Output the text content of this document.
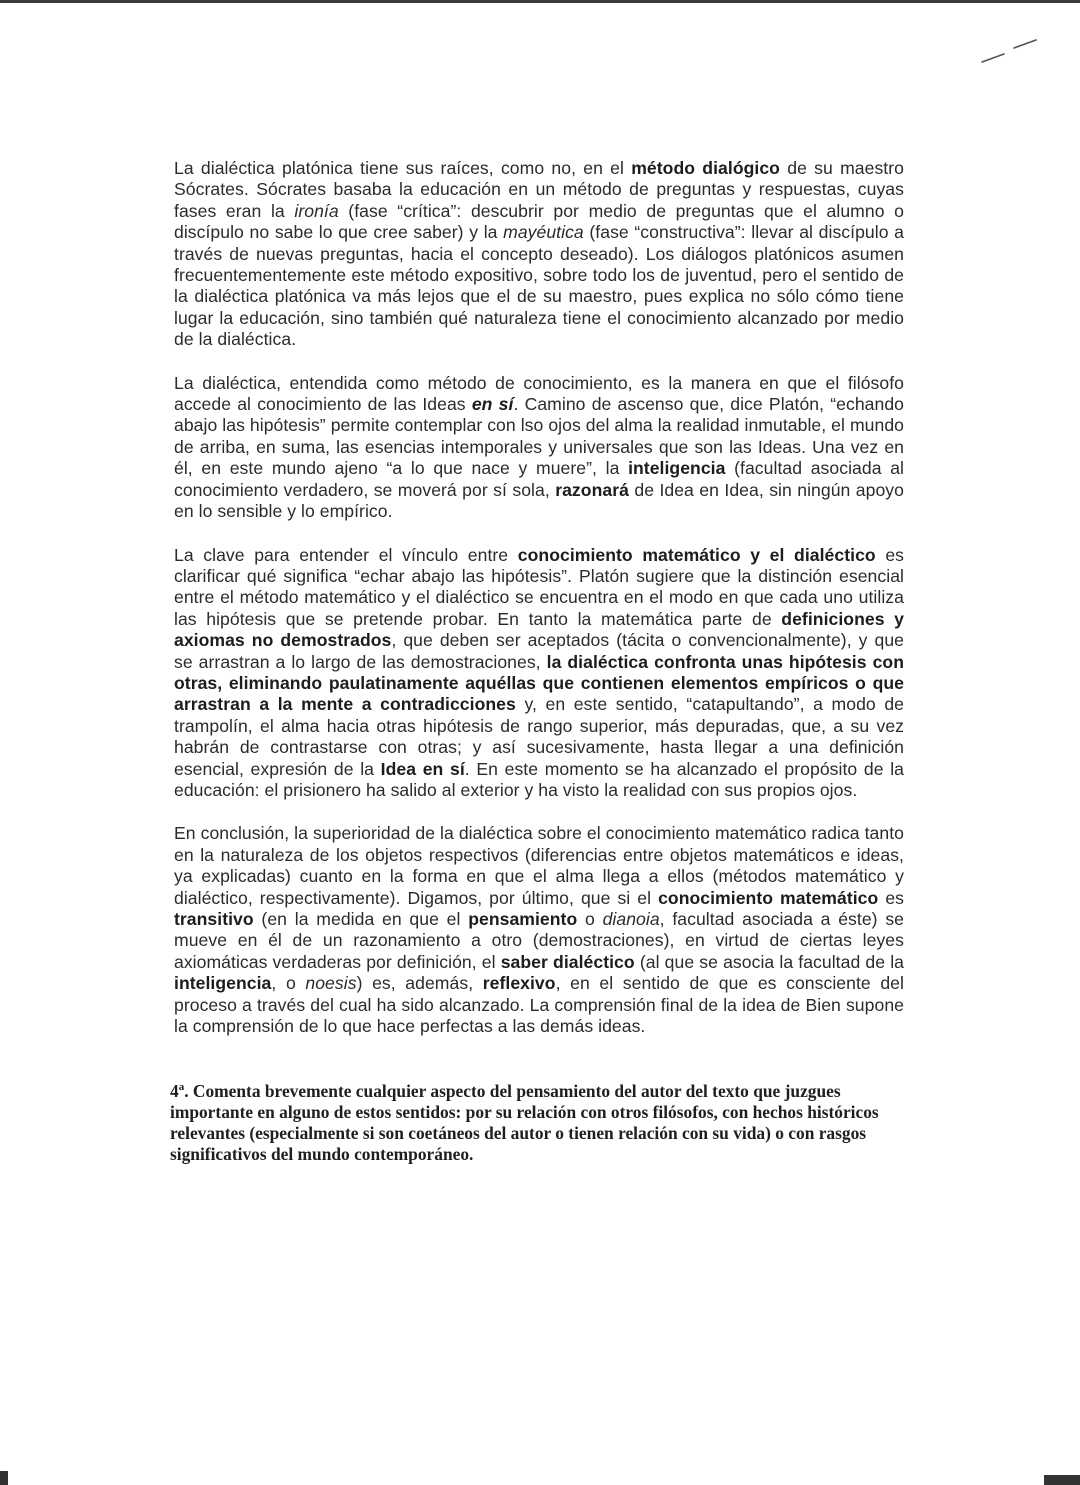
La dialéctica platónica tiene sus raíces, como no, en el método dialógico de su maestro Sócrates. Sócrates basaba la educación en un método de preguntas y respuestas, cuyas fases eran la ironía (fase “crítica”: descubrir por medio de preguntas que el alumno o discípulo no sabe lo que cree saber) y la mayéutica (fase “constructiva”: llevar al discípulo a través de nuevas preguntas, hacia el concepto deseado). Los diálogos platónicos asumen frecuentementemente este método expositivo, sobre todo los de juventud, pero el sentido de la dialéctica platónica va más lejos que el de su maestro, pues explica no sólo cómo tiene lugar la educación, sino también qué naturaleza tiene el conocimiento alcanzado por medio de la dialéctica.

La dialéctica, entendida como método de conocimiento, es la manera en que el filósofo accede al conocimiento de las Ideas en sí. Camino de ascenso que, dice Platón, “echando abajo las hipótesis” permite contemplar con lso ojos del alma la realidad inmutable, el mundo de arriba, en suma, las esencias intemporales y universales que son las Ideas. Una vez en él, en este mundo ajeno “a lo que nace y muere”, la inteligencia (facultad asociada al conocimiento verdadero, se moverá por sí sola, razonará de Idea en Idea, sin ningún apoyo en lo sensible y lo empírico.

La clave para entender el vínculo entre conocimiento matemático y el dialéctico es clarificar qué significa “echar abajo las hipótesis”. Platón sugiere que la distinción esencial entre el método matemático y el dialéctico se encuentra en el modo en que cada uno utiliza las hipótesis que se pretende probar. En tanto la matemática parte de definiciones y axiomas no demostrados, que deben ser aceptados (tácita o convencionalmente), y que se arrastran a lo largo de las demostraciones, la dialéctica confronta unas hipótesis con otras, eliminando paulatinamente aquéllas que contienen elementos empíricos o que arrastran a la mente a contradicciones y, en este sentido, “catapultando”, a modo de trampolín, el alma hacia otras hipótesis de rango superior, más depuradas, que, a su vez habrán de contrastarse con otras; y así sucesivamente, hasta llegar a una definición esencial, expresión de la Idea en sí. En este momento se ha alcanzado el propósito de la educación: el prisionero ha salido al exterior y ha visto la realidad con sus propios ojos.

En conclusión, la superioridad de la dialéctica sobre el conocimiento matemático radica tanto en la naturaleza de los objetos respectivos (diferencias entre objetos matemáticos e ideas, ya explicadas) cuanto en la forma en que el alma llega a ellos (métodos matemático y dialéctico, respectivamente). Digamos, por último, que si el conocimiento matemático es transitivo (en la medida en que el pensamiento o dianoia, facultad asociada a éste) se mueve en él de un razonamiento a otro (demostraciones), en virtud de ciertas leyes axiomáticas verdaderas por definición, el saber dialéctico (al que se asocia la facultad de la inteligencia, o noesis) es, además, reflexivo, en el sentido de que es consciente del proceso a través del cual ha sido alcanzado. La comprensión final de la idea de Bien supone la comprensión de lo que hace perfectas a las demás ideas.

4$^a$. Comenta brevemente cualquier aspecto del pensamiento del autor del texto que juzgues importante en alguno de estos sentidos: por su relación con otros filósofos, con hechos históricos relevantes (especialmente si son coetáneos del autor o tienen relación con su vida) o con rasgos significativos del mundo contemporáneo.
